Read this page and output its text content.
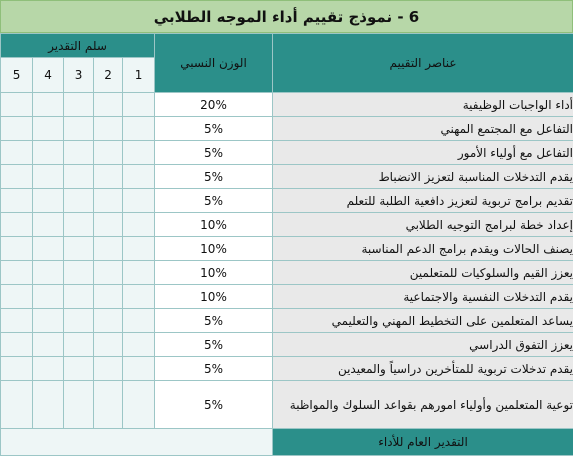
6 - نموذج تقييم أداء الموجه الطلابي
عناصر التقييم	الوزن النسبي	سلم التقدير				
		1	2	3	4	5
أداء الواجبات الوظيفية	20%					
التفاعل مع المجتمع المهني	5%					
التفاعل مع أولياء الأمور	5%					
يقدم التدخلات المناسبة لتعزيز الانضباط	5%					
تقديم برامج تربوية لتعزيز دافعية الطلبة للتعلم	5%					
إعداد خطة لبرامج التوجيه الطلابي	10%					
يصنف الحالات ويقدم برامج الدعم المناسبة	10%					
يعزز القيم والسلوكيات للمتعلمين	10%					
يقدم التدخلات النفسية والاجتماعية	10%					
يساعد المتعلمين على التخطيط المهني والتعليمي	5%					
يعزز التفوق الدراسي	5%					
يقدم تدخلات تربوية للمتأخرين دراسياً والمعيدين	5%					
توعية المتعلمين وأولياء امورهم بقواعد السلوك والمواظبة	5%					
التقدير العام للأداء						
